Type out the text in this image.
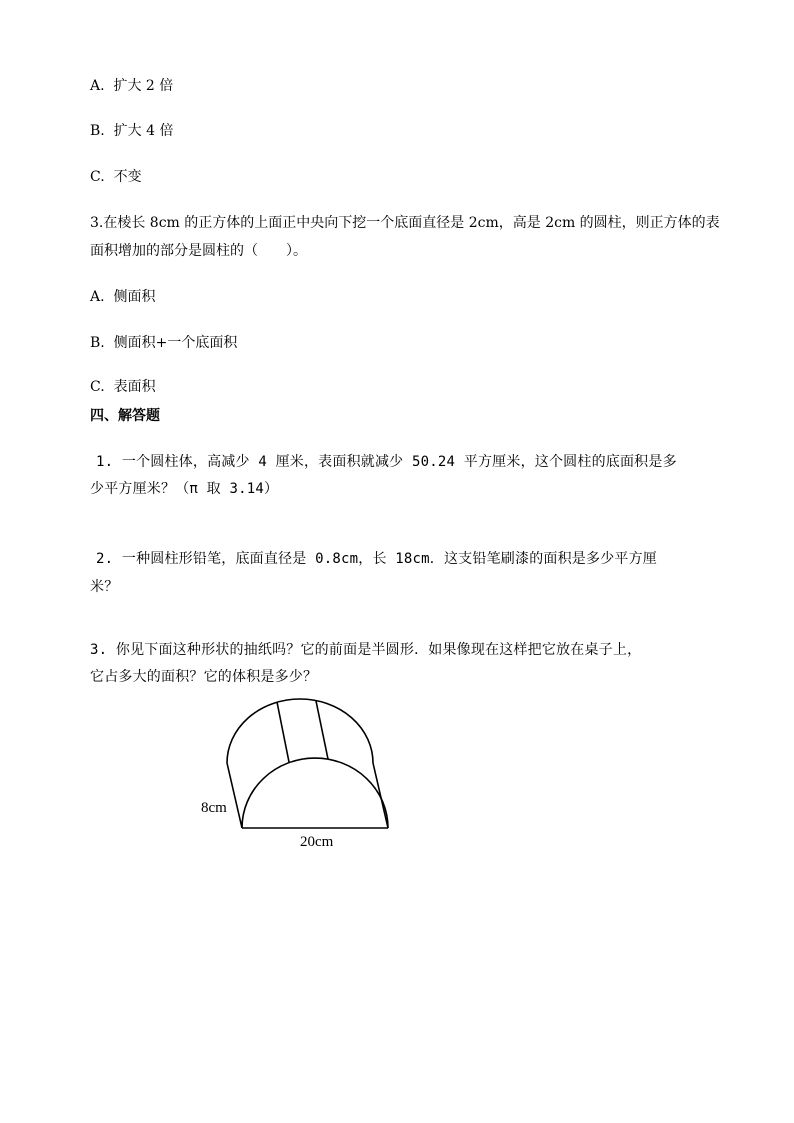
A. 扩大 2 倍
B. 扩大 4 倍
C. 不变
3.在棱长 8cm 的正方体的上面正中央向下挖一个底面直径是 2cm，高是 2cm 的圆柱，则正方体的表
面积增加的部分是圆柱的（　　）。
A. 侧面积
B. 侧面积+一个底面积
C. 表面积
四、解答题
1. 一个圆柱体，高减少 4 厘米，表面积就减少 50.24 平方厘米，这个圆柱的底面积是多
少平方厘米？（π 取 3.14）
2. 一种圆柱形铅笔，底面直径是 0.8cm，长 18cm．这支铅笔刷漆的面积是多少平方厘
米？
3. 你见下面这种形状的抽纸吗？它的前面是半圆形．如果像现在这样把它放在桌子上，
它占多大的面积？它的体积是多少？
8cm
20cm
